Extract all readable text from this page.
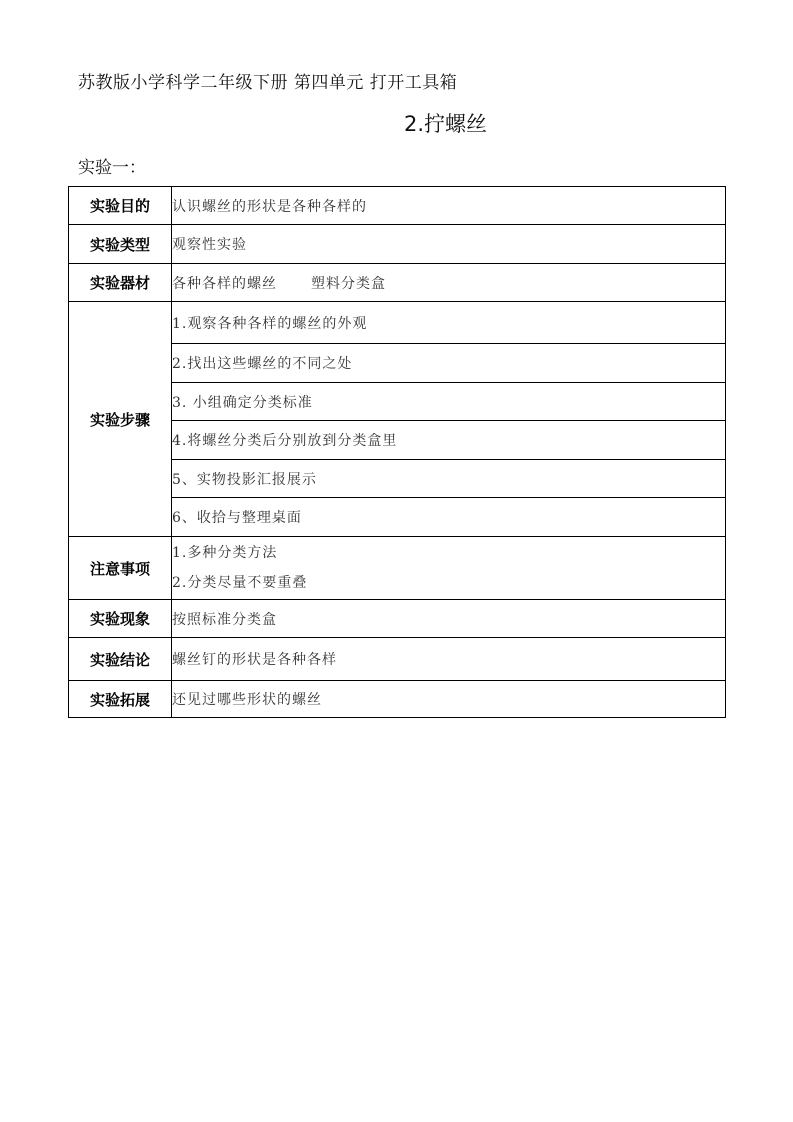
苏教版小学科学二年级下册 第四单元 打开工具箱
2.拧螺丝
实验一：
实验目的	认识螺丝的形状是各种各样的
实验类型	观察性实验
实验器材	各种各样的螺丝 塑料分类盒
实验步骤	1.观察各种各样的螺丝的外观
	2.找出这些螺丝的不同之处
	3. 小组确定分类标准
	4.将螺丝分类后分别放到分类盒里
	5、实物投影汇报展示
	6、收拾与整理桌面
注意事项	1.多种分类方法
2.分类尽量不要重叠

实验现象	按照标准分类盒
实验结论	螺丝钉的形状是各种各样
实验拓展	还见过哪些形状的螺丝
